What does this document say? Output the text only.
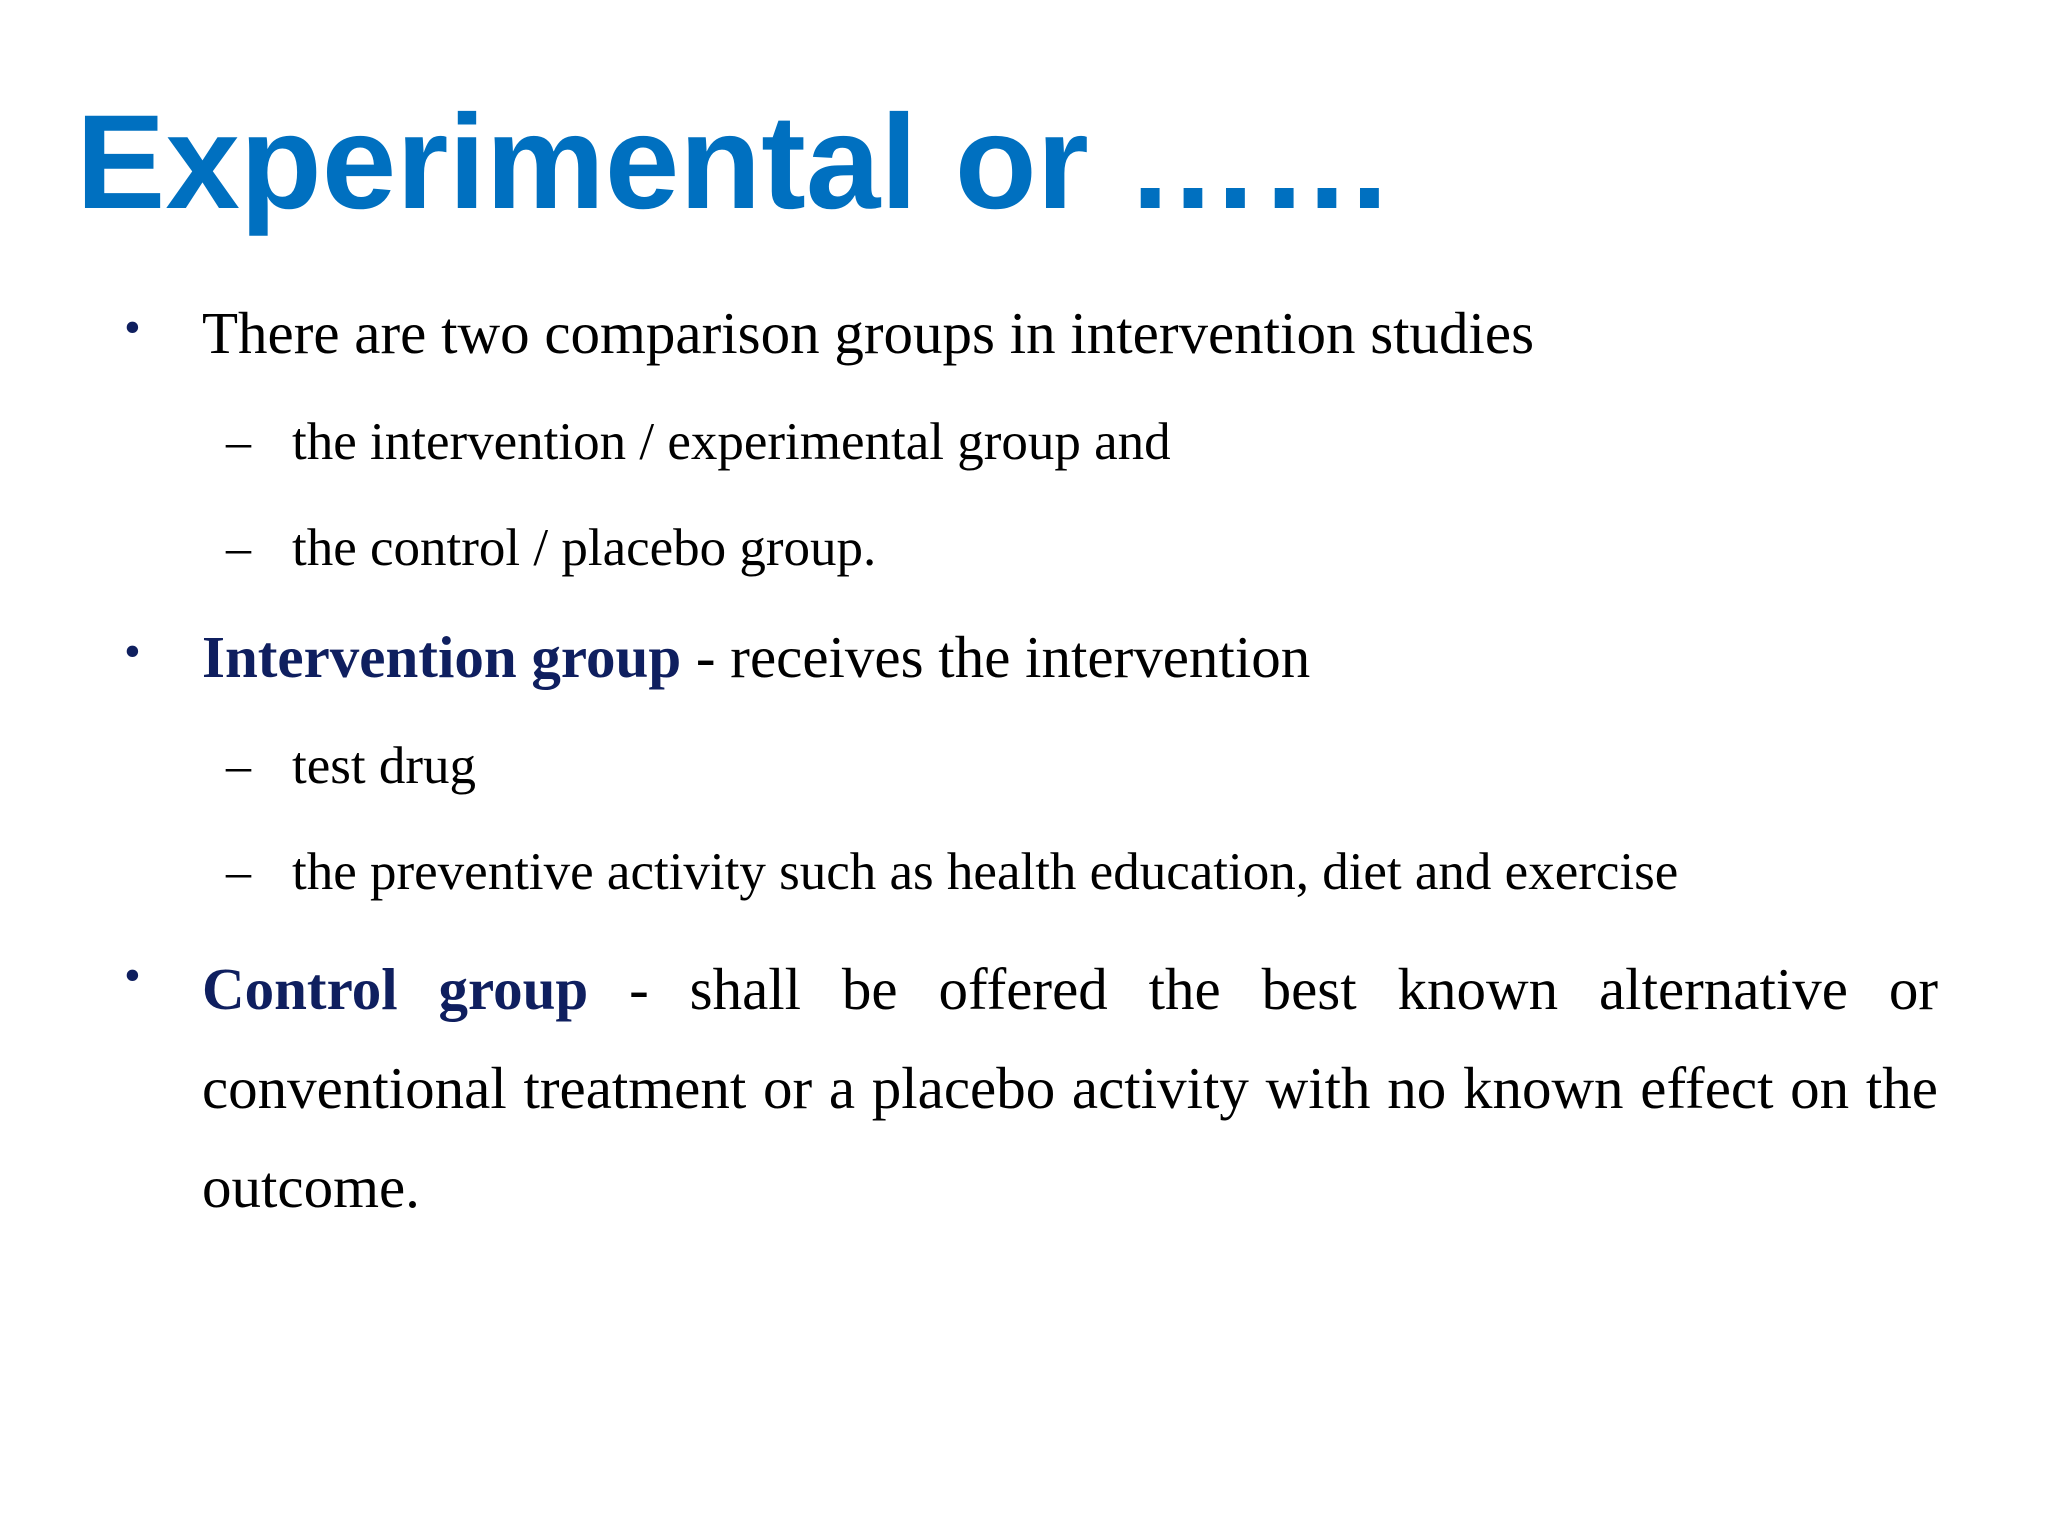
Experimental or ……
• There are two comparison groups in intervention studies
– the intervention / experimental group and
– the control / placebo group.
• Intervention group - receives the intervention
– test drug
– the preventive activity such as health education, diet and exercise
• Control group - shall be offered the best known alternative or conventional treatment or a placebo activity with no known effect on the outcome.
